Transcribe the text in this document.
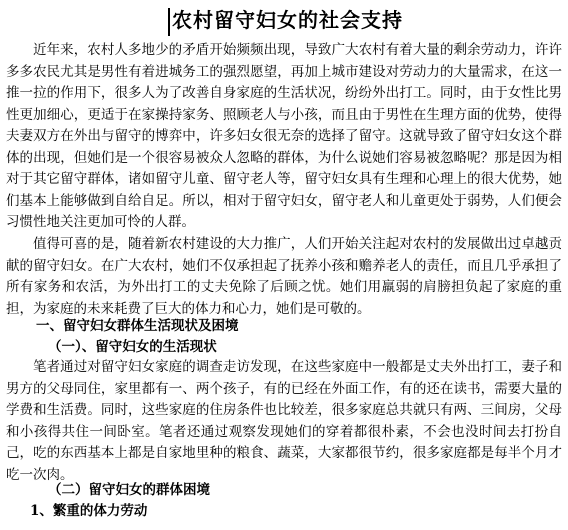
农村留守妇女的社会支持
近年来，农村人多地少的矛盾开始频频出现，导致广大农村有着大量的剩余劳动力，许许多多农民尤其是男性有着进城务工的强烈愿望，再加上城市建设对劳动力的大量需求，在这一推一拉的作用下，很多人为了改善自身家庭的生活状况，纷纷外出打工。同时，由于女性比男性更加细心，更适于在家操持家务、照顾老人与小孩，而且由于男性在生理方面的优势，使得夫妻双方在外出与留守的博弈中，许多妇女很无奈的选择了留守。这就导致了留守妇女这个群体的出现，但她们是一个很容易被众人忽略的群体，为什么说她们容易被忽略呢？那是因为相对于其它留守群体，诸如留守儿童、留守老人等，留守妇女具有生理和心理上的很大优势，她们基本上能够做到自给自足。所以，相对于留守妇女，留守老人和儿童更处于弱势，人们便会习惯性地关注更加可怜的人群。
值得可喜的是，随着新农村建设的大力推广，人们开始关注起对农村的发展做出过卓越贡献的留守妇女。在广大农村，她们不仅承担起了抚养小孩和赡养老人的责任，而且几乎承担了所有家务和农活，为外出打工的丈夫免除了后顾之忧。她们用羸弱的肩膀担负起了家庭的重担，为家庭的未来耗费了巨大的体力和心力，她们是可敬的。
一、留守妇女群体生活现状及困境
（一）、留守妇女的生活现状
笔者通过对留守妇女家庭的调查走访发现，在这些家庭中一般都是丈夫外出打工，妻子和男方的父母同住，家里都有一、两个孩子，有的已经在外面工作，有的还在读书，需要大量的学费和生活费。同时，这些家庭的住房条件也比较差，很多家庭总共就只有两、三间房，父母和小孩得共住一间卧室。笔者还通过观察发现她们的穿着都很朴素，不会也没时间去打扮自己，吃的东西基本上都是自家地里种的粮食、蔬菜，大家都很节约，很多家庭都是每半个月才吃一次肉。
（二）留守妇女的群体困境
1、繁重的体力劳动
